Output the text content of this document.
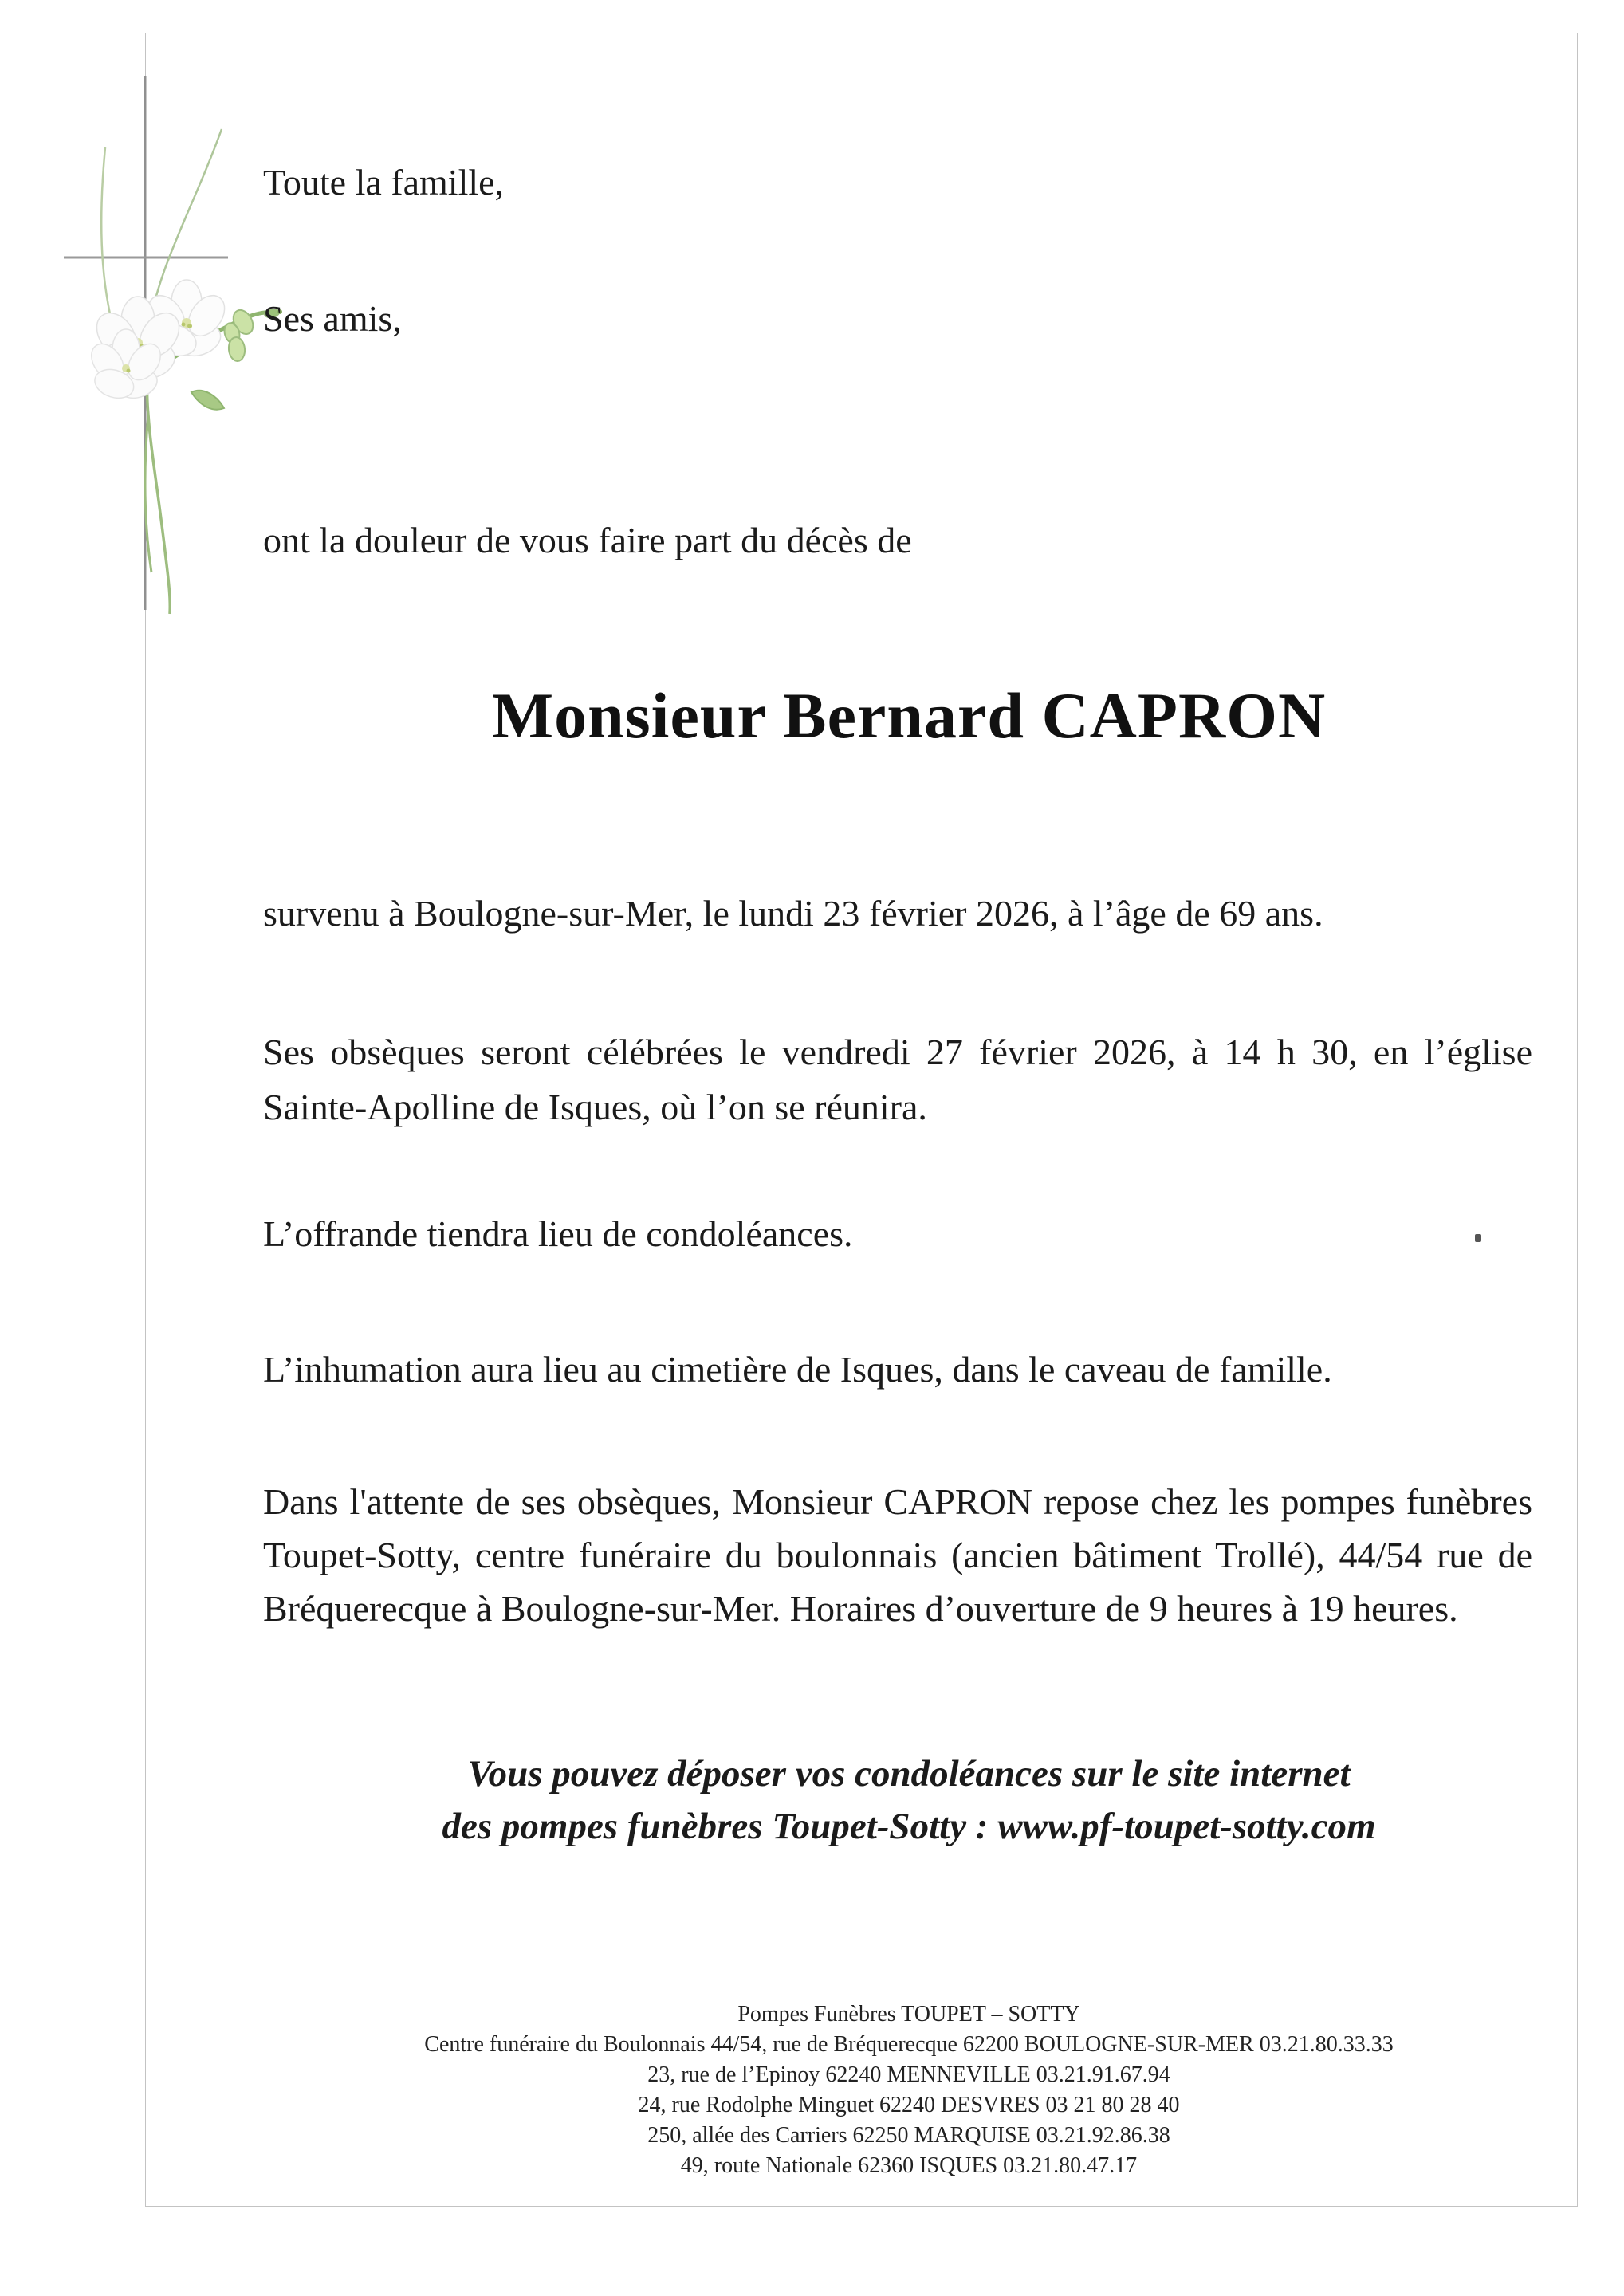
Toute la famille,
Ses amis,
ont la douleur de vous faire part du décès de
Monsieur Bernard CAPRON
survenu à Boulogne-sur-Mer, le lundi 23 février 2026, à l’âge de 69 ans.
Ses obsèques seront célébrées le vendredi 27 février 2026, à 14 h 30, en l’église
Sainte-Apolline de Isques, où l’on se réunira.
L’offrande tiendra lieu de condoléances.
L’inhumation aura lieu au cimetière de Isques, dans le caveau de famille.
Dans l'attente de ses obsèques, Monsieur CAPRON repose chez les pompes funèbres
Toupet-Sotty, centre funéraire du boulonnais (ancien bâtiment Trollé), 44/54 rue de
Bréquerecque à Boulogne-sur-Mer. Horaires d’ouverture de 9 heures à 19 heures.
Vous pouvez déposer vos condoléances sur le site internet
des pompes funèbres Toupet-Sotty : www.pf-toupet-sotty.com
Pompes Funèbres TOUPET – SOTTY
Centre funéraire du Boulonnais 44/54, rue de Bréquerecque 62200 BOULOGNE-SUR-MER 03.21.80.33.33
23, rue de l’Epinoy 62240 MENNEVILLE 03.21.91.67.94
24, rue Rodolphe Minguet 62240 DESVRES 03 21 80 28 40
250, allée des Carriers 62250 MARQUISE 03.21.92.86.38
49, route Nationale 62360 ISQUES 03.21.80.47.17
